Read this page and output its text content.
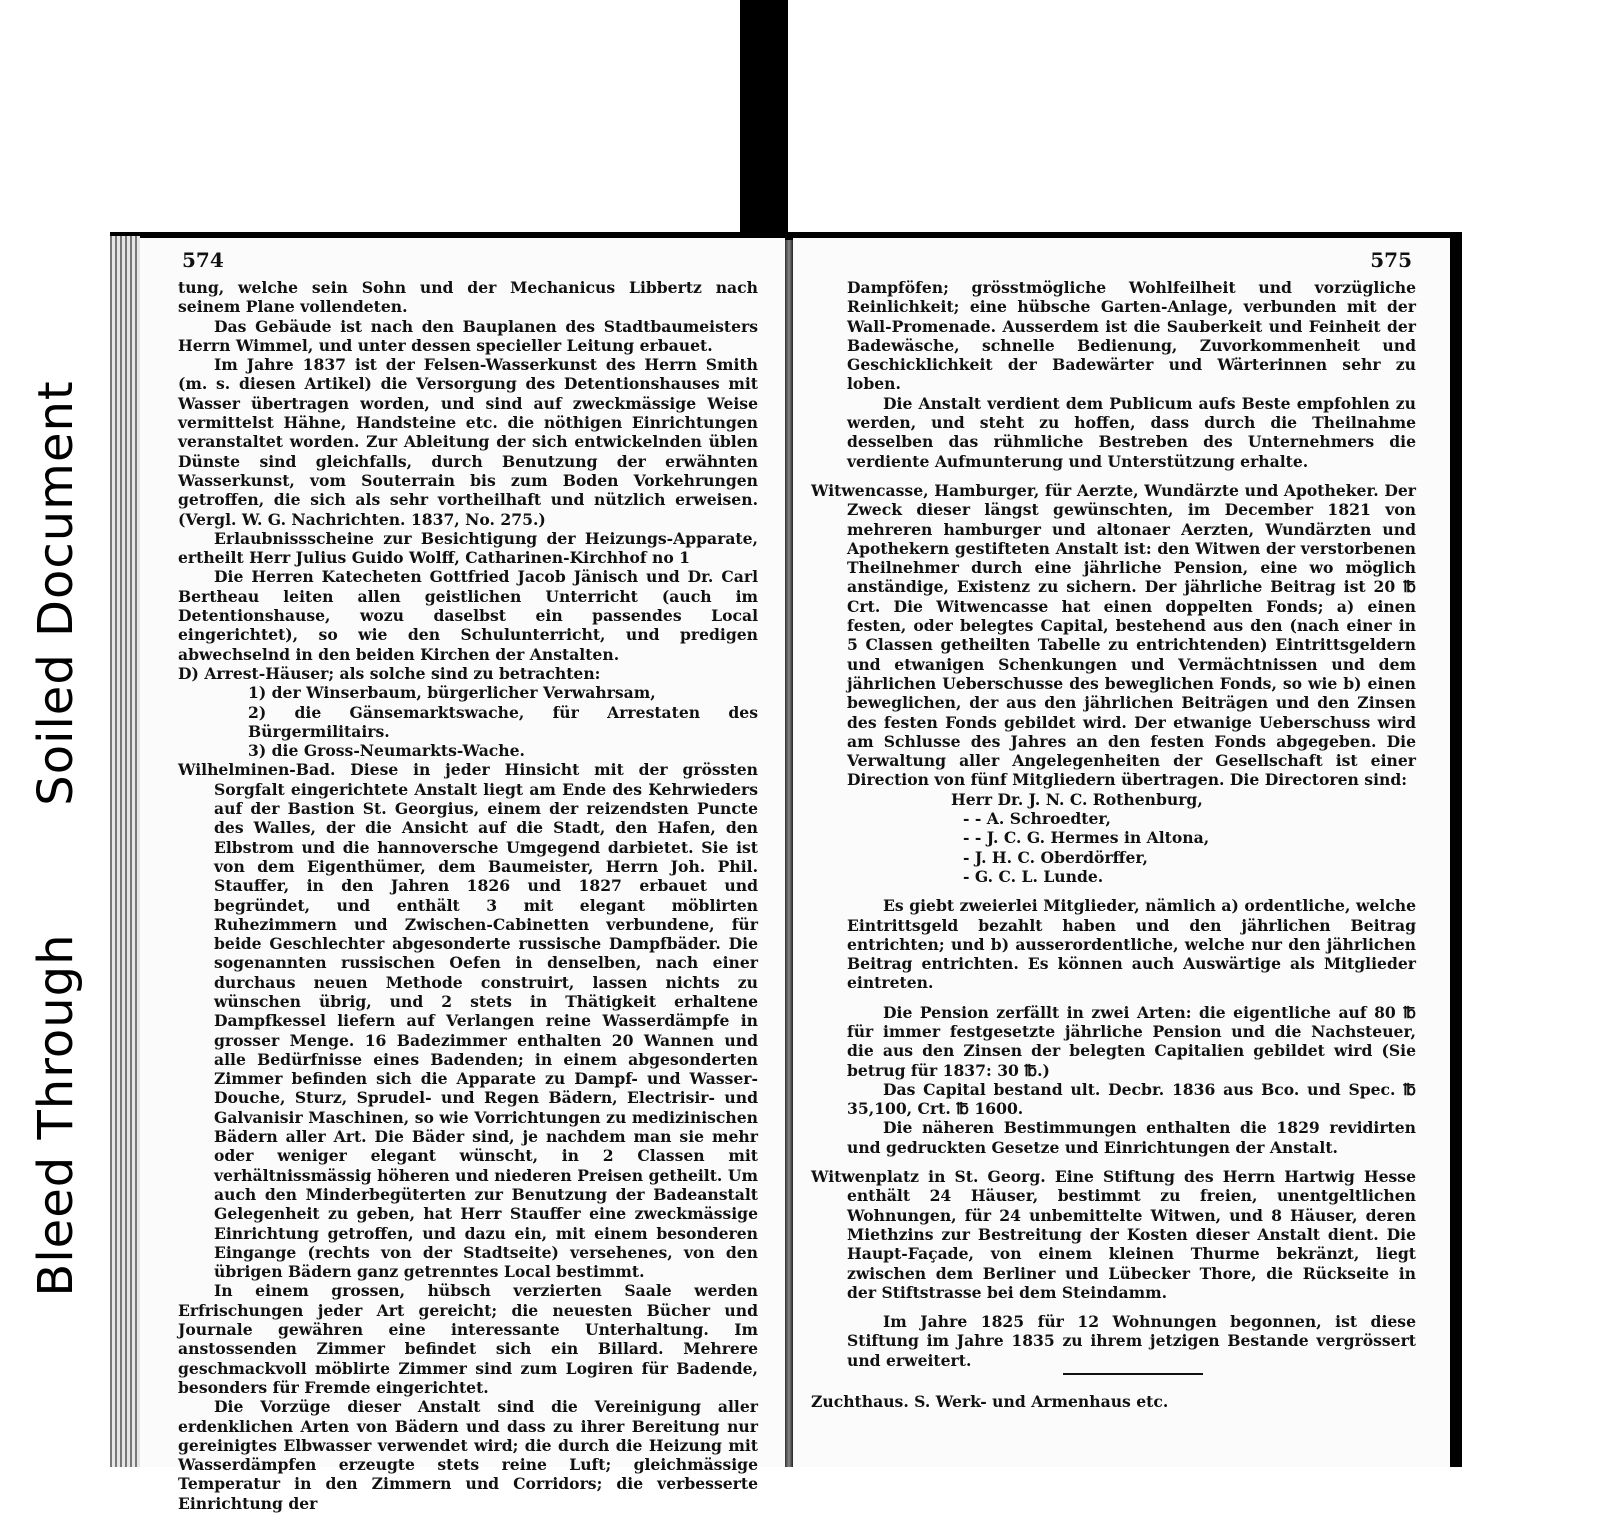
Soiled Document
Bleed Through
574

tung, welche sein Sohn und der Mechanicus Libbertz nach seinem Plane vollendeten.

Das Gebäude ist nach den Bauplanen des Stadtbaumeisters Herrn Wimmel, und unter dessen specieller Leitung erbauet.

Im Jahre 1837 ist der Felsen-Wasserkunst des Herrn Smith (m. s. diesen Artikel) die Versorgung des Detentionshauses mit Wasser übertragen worden, und sind auf zweckmässige Weise vermittelst Hähne, Handsteine etc. die nöthigen Einrichtungen veranstaltet worden. Zur Ableitung der sich entwickelnden üblen Dünste sind gleichfalls, durch Benutzung der erwähnten Wasserkunst, vom Souterrain bis zum Boden Vorkehrungen getroffen, die sich als sehr vortheilhaft und nützlich erweisen. (Vergl. W. G. Nachrichten. 1837, No. 275.)

Erlaubnissscheine zur Besichtigung der Heizungs-Apparate, ertheilt Herr Julius Guido Wolff, Catharinen-Kirchhof no 1

Die Herren Katecheten Gottfried Jacob Jänisch und Dr. Carl Bertheau leiten allen geistlichen Unterricht (auch im Detentionshause, wozu daselbst ein passendes Local eingerichtet), so wie den Schulunterricht, und predigen abwechselnd in den beiden Kirchen der Anstalten.

D) Arrest-Häuser; als solche sind zu betrachten:

1) der Winserbaum, bürgerlicher Verwahrsam,

2) die Gänsemarktswache, für Arrestaten des Bürgermilitairs.

3) die Gross-Neumarkts-Wache.

Wilhelminen-Bad. Diese in jeder Hinsicht mit der grössten Sorgfalt eingerichtete Anstalt liegt am Ende des Kehrwieders auf der Bastion St. Georgius, einem der reizendsten Puncte des Walles, der die Ansicht auf die Stadt, den Hafen, den Elbstrom und die hannoversche Umgegend darbietet. Sie ist von dem Eigenthümer, dem Baumeister, Herrn Joh. Phil. Stauffer, in den Jahren 1826 und 1827 erbauet und begründet, und enthält 3 mit elegant möblirten Ruhezimmern und Zwischen-Cabinetten verbundene, für beide Geschlechter abgesonderte russische Dampfbäder. Die sogenannten russischen Oefen in denselben, nach einer durchaus neuen Methode construirt, lassen nichts zu wünschen übrig, und 2 stets in Thätigkeit erhaltene Dampfkessel liefern auf Verlangen reine Wasserdämpfe in grosser Menge. 16 Badezimmer enthalten 20 Wannen und alle Bedürfnisse eines Badenden; in einem abgesonderten Zimmer befinden sich die Apparate zu Dampf- und Wasser-Douche, Sturz, Sprudel- und Regen Bädern, Electrisir- und Galvanisir Maschinen, so wie Vorrichtungen zu medizinischen Bädern aller Art. Die Bäder sind, je nachdem man sie mehr oder weniger elegant wünscht, in 2 Classen mit verhältnissmässig höheren und niederen Preisen getheilt. Um auch den Minderbegüterten zur Benutzung der Badeanstalt Gelegenheit zu geben, hat Herr Stauffer eine zweckmässige Einrichtung getroffen, und dazu ein, mit einem besonderen Eingange (rechts von der Stadtseite) versehenes, von den übrigen Bädern ganz getrenntes Local bestimmt.

In einem grossen, hübsch verzierten Saale werden Erfrischungen jeder Art gereicht; die neuesten Bücher und Journale gewähren eine interessante Unterhaltung. Im anstossenden Zimmer befindet sich ein Billard. Mehrere geschmackvoll möblirte Zimmer sind zum Logiren für Badende, besonders für Fremde eingerichtet.

Die Vorzüge dieser Anstalt sind die Vereinigung aller erdenklichen Arten von Bädern und dass zu ihrer Bereitung nur gereinigtes Elbwasser verwendet wird; die durch die Heizung mit Wasserdämpfen erzeugte stets reine Luft; gleichmässige Temperatur in den Zimmern und Corridors; die verbesserte Einrichtung der

575

Dampföfen; grösstmögliche Wohlfeilheit und vorzügliche Reinlichkeit; eine hübsche Garten-Anlage, verbunden mit der Wall-Promenade. Ausserdem ist die Sauberkeit und Feinheit der Badewäsche, schnelle Bedienung, Zuvorkommenheit und Geschicklichkeit der Badewärter und Wärterinnen sehr zu loben.

Die Anstalt verdient dem Publicum aufs Beste empfohlen zu werden, und steht zu hoffen, dass durch die Theilnahme desselben das rühmliche Bestreben des Unternehmers die verdiente Aufmunterung und Unterstützung erhalte.

Witwencasse, Hamburger, für Aerzte, Wundärzte und Apotheker. Der Zweck dieser längst gewünschten, im December 1821 von mehreren hamburger und altonaer Aerzten, Wundärzten und Apothekern gestifteten Anstalt ist: den Witwen der verstorbenen Theilnehmer durch eine jährliche Pension, eine wo möglich anständige, Existenz zu sichern. Der jährliche Beitrag ist 20 ℔ Crt. Die Witwencasse hat einen doppelten Fonds; a) einen festen, oder belegtes Capital, bestehend aus den (nach einer in 5 Classen getheilten Tabelle zu entrichtenden) Eintrittsgeldern und etwanigen Schenkungen und Vermächtnissen und dem jährlichen Ueberschusse des beweglichen Fonds, so wie b) einen beweglichen, der aus den jährlichen Beiträgen und den Zinsen des festen Fonds gebildet wird. Der etwanige Ueberschuss wird am Schlusse des Jahres an den festen Fonds abgegeben. Die Verwaltung aller Angelegenheiten der Gesellschaft ist einer Direction von fünf Mitgliedern übertragen. Die Directoren sind:

Herr Dr. J. N. C. Rothenburg,

- - A. Schroedter,

- - J. C. G. Hermes in Altona,

- J. H. C. Oberdörffer,

- G. C. L. Lunde.

Es giebt zweierlei Mitglieder, nämlich a) ordentliche, welche Eintrittsgeld bezahlt haben und den jährlichen Beitrag entrichten; und b) ausserordentliche, welche nur den jährlichen Beitrag entrichten. Es können auch Auswärtige als Mitglieder eintreten.

Die Pension zerfällt in zwei Arten: die eigentliche auf 80 ℔ für immer festgesetzte jährliche Pension und die Nachsteuer, die aus den Zinsen der belegten Capitalien gebildet wird (Sie betrug für 1837: 30 ℔.)

Das Capital bestand ult. Decbr. 1836 aus Bco. und Spec. ℔ 35,100, Crt. ℔ 1600.

Die näheren Bestimmungen enthalten die 1829 revidirten und gedruckten Gesetze und Einrichtungen der Anstalt.

Witwenplatz in St. Georg. Eine Stiftung des Herrn Hartwig Hesse enthält 24 Häuser, bestimmt zu freien, unentgeltlichen Wohnungen, für 24 unbemittelte Witwen, und 8 Häuser, deren Miethzins zur Bestreitung der Kosten dieser Anstalt dient. Die Haupt-Façade, von einem kleinen Thurme bekränzt, liegt zwischen dem Berliner und Lübecker Thore, die Rückseite in der Stiftstrasse bei dem Steindamm.

Im Jahre 1825 für 12 Wohnungen begonnen, ist diese Stiftung im Jahre 1835 zu ihrem jetzigen Bestande vergrössert und erweitert.

Zuchthaus. S. Werk- und Armenhaus etc.
